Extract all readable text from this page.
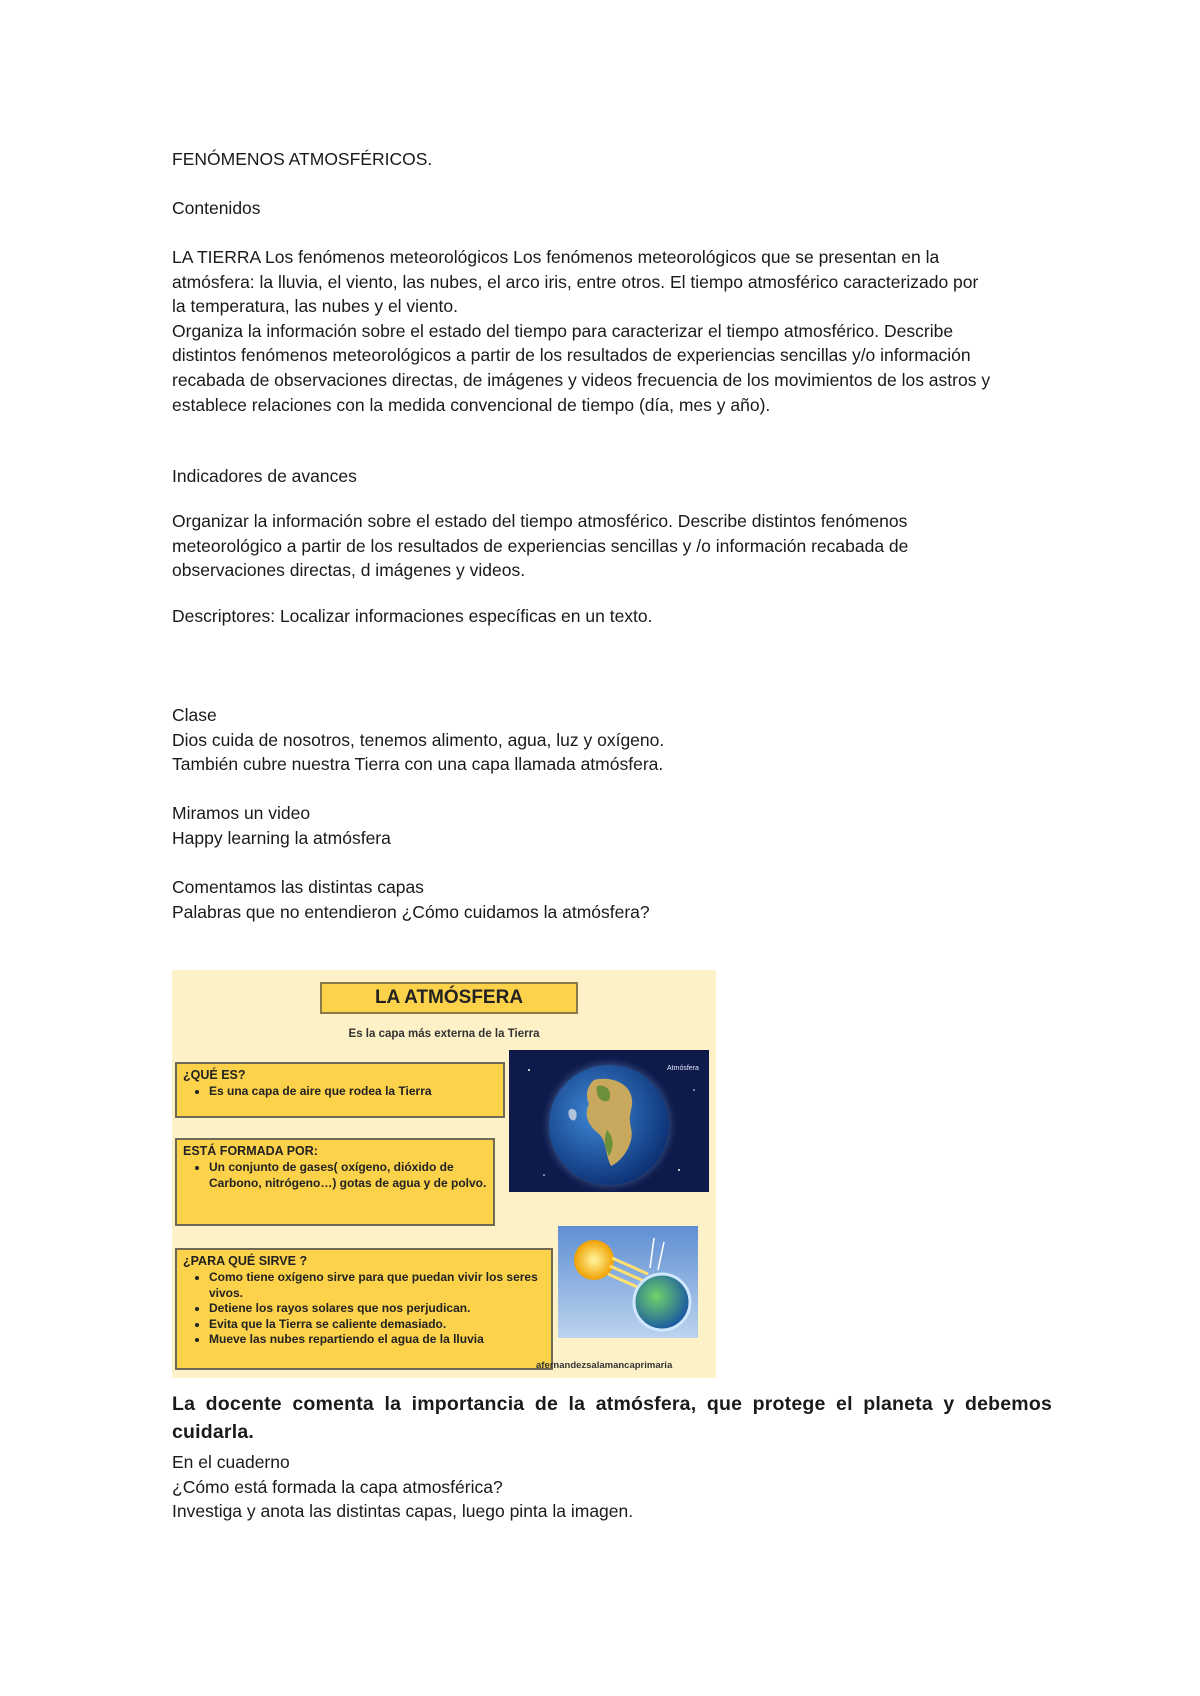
FENÓMENOS ATMOSFÉRICOS.
Contenidos
LA TIERRA Los fenómenos meteorológicos Los fenómenos meteorológicos que se presentan en la
atmósfera: la lluvia, el viento, las nubes, el arco iris, entre otros. El tiempo atmosférico caracterizado por
la temperatura, las nubes y el viento.
Organiza la información sobre el estado del tiempo para caracterizar el tiempo atmosférico. Describe
distintos fenómenos meteorológicos a partir de los resultados de experiencias sencillas y/o información
recabada de observaciones directas, de imágenes y videos frecuencia de los movimientos de los astros y
establece relaciones con la medida convencional de tiempo (día, mes y año).
Indicadores de avances
Organizar la información sobre el estado del tiempo atmosférico. Describe distintos fenómenos
meteorológico a partir de los resultados de experiencias sencillas y /o información recabada de
observaciones directas, d imágenes y videos.
Descriptores: Localizar informaciones específicas en un texto.
Clase
Dios cuida de nosotros, tenemos alimento, agua, luz y oxígeno.
También cubre nuestra Tierra con una capa llamada atmósfera.
Miramos un video
Happy learning la atmósfera
Comentamos las distintas capas
Palabras que no entendieron ¿Cómo cuidamos la atmósfera?
LA ATMÓSFERA
Es la capa más externa de la Tierra
¿QUÉ ES?
• Es una capa de aire que rodea la Tierra
ESTÁ FORMADA POR:
• Un conjunto de gases( oxígeno, dióxido de Carbono, nitrógeno…) gotas de agua y de polvo.
¿PARA QUÉ SIRVE ?
• Como tiene oxígeno sirve para que puedan vivir los seres vivos.
• Detiene los rayos solares que nos perjudican.
• Evita que la Tierra se caliente demasiado.
• Mueve las nubes repartiendo el agua de la lluvia
Atmósfera
afernandezsalamancaprimaria
La docente comenta la importancia de la atmósfera, que protege el planeta y debemos cuidarla.
En el cuaderno
¿Cómo está formada la capa atmosférica?
Investiga y anota las distintas capas, luego pinta la imagen.
